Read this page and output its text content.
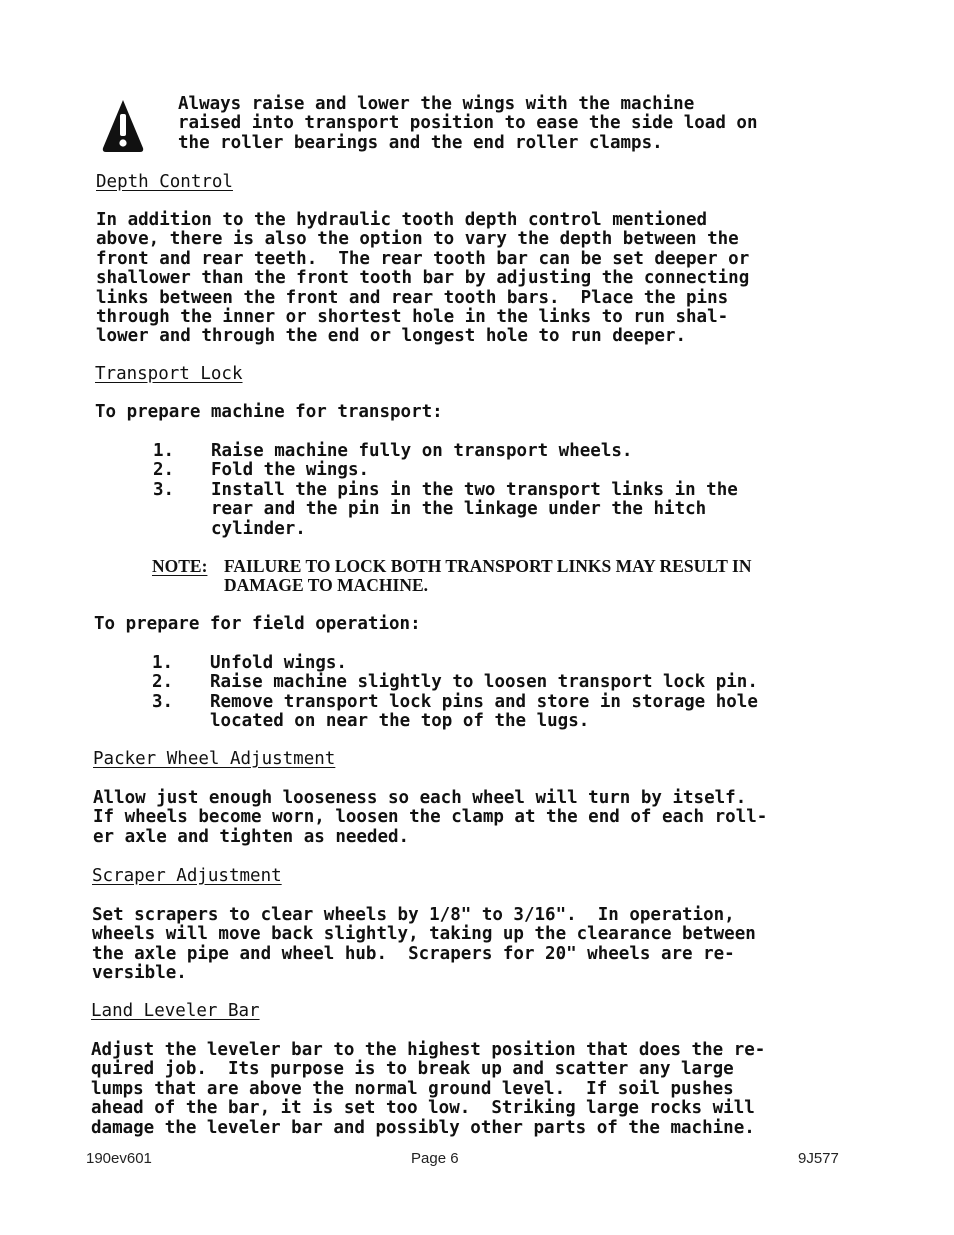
Always raise and lower the wings with the machine
raised into transport position to ease the side load on
the roller bearings and the end roller clamps.
Depth Control
In addition to the hydraulic tooth depth control mentioned
above, there is also the option to vary the depth between the
front and rear teeth.  The rear tooth bar can be set deeper or
shallower than the front tooth bar by adjusting the connecting
links between the front and rear tooth bars.  Place the pins
through the inner or shortest hole in the links to run shal-
lower and through the end or longest hole to run deeper.
Transport Lock
To prepare machine for transport:
1.	Raise machine fully on transport wheels.
2.	Fold the wings.
3.	Install the pins in the two transport links in the
rear and the pin in the linkage under the hitch
cylinder.
NOTE: FAILURE TO LOCK BOTH TRANSPORT LINKS MAY RESULT IN
DAMAGE TO MACHINE.
To prepare for field operation:
1.	Unfold wings.
2.	Raise machine slightly to loosen transport lock pin.
3.	Remove transport lock pins and store in storage hole
located on near the top of the lugs.
Packer Wheel Adjustment
Allow just enough looseness so each wheel will turn by itself.
If wheels become worn, loosen the clamp at the end of each roll-
er axle and tighten as needed.
Scraper Adjustment
Set scrapers to clear wheels by 1/8" to 3/16".  In operation,
wheels will move back slightly, taking up the clearance between
the axle pipe and wheel hub.  Scrapers for 20" wheels are re-
versible.
Land Leveler Bar
Adjust the leveler bar to the highest position that does the re-
quired job.  Its purpose is to break up and scatter any large
lumps that are above the normal ground level.  If soil pushes
ahead of the bar, it is set too low.  Striking large rocks will
damage the leveler bar and possibly other parts of the machine.
190ev601	Page 6	9J577
